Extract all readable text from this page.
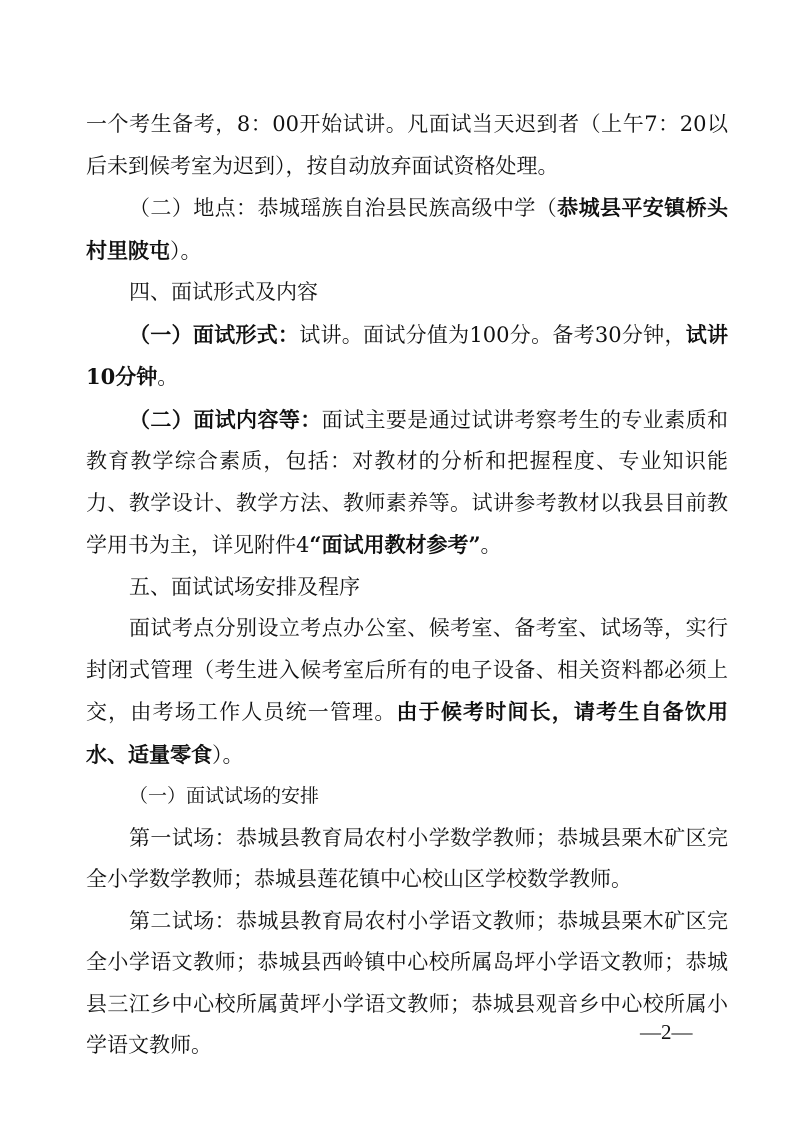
一个考生备考，8：00开始试讲。凡面试当天迟到者（上午7：20以后未到候考室为迟到），按自动放弃面试资格处理。

（二）地点：恭城瑶族自治县民族高级中学（恭城县平安镇桥头村里陂屯）。

四、面试形式及内容

（一）面试形式：试讲。面试分值为100分。备考30分钟，试讲10分钟。

（二）面试内容等：面试主要是通过试讲考察考生的专业素质和教育教学综合素质，包括：对教材的分析和把握程度、专业知识能力、教学设计、教学方法、教师素养等。试讲参考教材以我县目前教学用书为主，详见附件4“面试用教材参考”。

五、面试试场安排及程序

面试考点分别设立考点办公室、候考室、备考室、试场等，实行封闭式管理（考生进入候考室后所有的电子设备、相关资料都必须上交，由考场工作人员统一管理。由于候考时间长，请考生自备饮用水、适量零食）。

（一）面试试场的安排

第一试场：恭城县教育局农村小学数学教师；恭城县栗木矿区完全小学数学教师；恭城县莲花镇中心校山区学校数学教师。

第二试场：恭城县教育局农村小学语文教师；恭城县栗木矿区完全小学语文教师；恭城县西岭镇中心校所属岛坪小学语文教师；恭城县三江乡中心校所属黄坪小学语文教师；恭城县观音乡中心校所属小学语文教师。

—2—
